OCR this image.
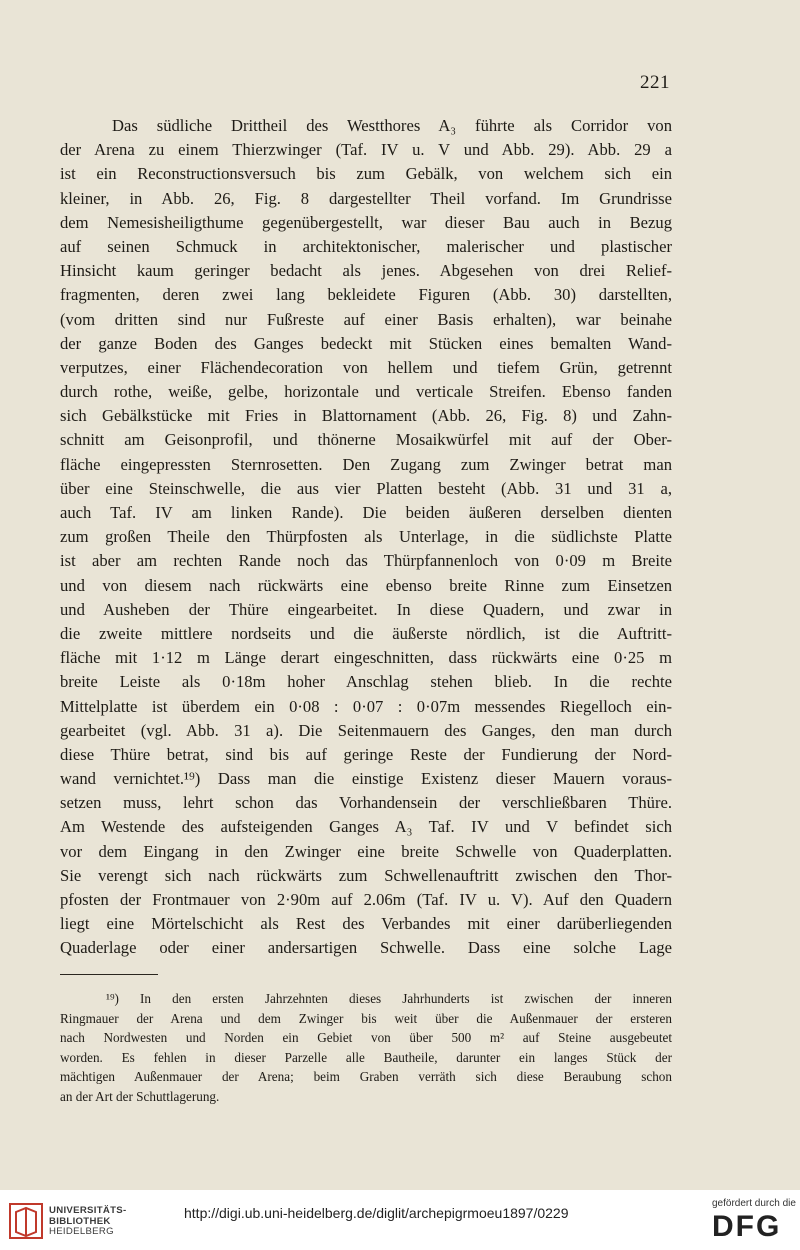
221
Das südliche Drittheil des Westthores A₃ führte als Corridor von
der Arena zu einem Thierzwinger (Taf. IV u. V und Abb. 29). Abb. 29 a
ist ein Reconstructionsversuch bis zum Gebälk, von welchem sich ein
kleiner, in Abb. 26, Fig. 8 dargestellter Theil vorfand. Im Grundrisse
dem Nemesisheiligthume gegenübergestellt, war dieser Bau auch in Bezug
auf seinen Schmuck in architektonischer, malerischer und plastischer
Hinsicht kaum geringer bedacht als jenes. Abgesehen von drei Relief-
fragmenten, deren zwei lang bekleidete Figuren (Abb. 30) darstellten,
(vom dritten sind nur Fußreste auf einer Basis erhalten), war beinahe
der ganze Boden des Ganges bedeckt mit Stücken eines bemalten Wand-
verputzes, einer Flächendecoration von hellem und tiefem Grün, getrennt
durch rothe, weiße, gelbe, horizontale und verticale Streifen. Ebenso fanden
sich Gebälkstücke mit Fries in Blattornament (Abb. 26, Fig. 8) und Zahn-
schnitt am Geisonprofil, und thönerne Mosaikwürfel mit auf der Ober-
fläche eingepressten Sternrosetten. Den Zugang zum Zwinger betrat man
über eine Steinschwelle, die aus vier Platten besteht (Abb. 31 und 31 a,
auch Taf. IV am linken Rande). Die beiden äußeren derselben dienten
zum großen Theile den Thürpfosten als Unterlage, in die südlichste Platte
ist aber am rechten Rande noch das Thürpfannenloch von 0·09 m Breite
und von diesem nach rückwärts eine ebenso breite Rinne zum Einsetzen
und Ausheben der Thüre eingearbeitet. In diese Quadern, und zwar in
die zweite mittlere nordseits und die äußerste nördlich, ist die Auftritt-
fläche mit 1·12 m Länge derart eingeschnitten, dass rückwärts eine 0·25 m
breite Leiste als 0·18m hoher Anschlag stehen blieb. In die rechte
Mittelplatte ist überdem ein 0·08 : 0·07 : 0·07m messendes Riegelloch ein-
gearbeitet (vgl. Abb. 31 a). Die Seitenmauern des Ganges, den man durch
diese Thüre betrat, sind bis auf geringe Reste der Fundierung der Nord-
wand vernichtet.¹⁹) Dass man die einstige Existenz dieser Mauern voraus-
setzen muss, lehrt schon das Vorhandensein der verschließbaren Thüre.
Am Westende des aufsteigenden Ganges A₃ Taf. IV und V befindet sich
vor dem Eingang in den Zwinger eine breite Schwelle von Quaderplatten.
Sie verengt sich nach rückwärts zum Schwellenauftritt zwischen den Thor-
pfosten der Frontmauer von 2·90m auf 2.06m (Taf. IV u. V). Auf den Quadern
liegt eine Mörtelschicht als Rest des Verbandes mit einer darüberliegenden
Quaderlage oder einer andersartigen Schwelle. Dass eine solche Lage
¹⁹) In den ersten Jahrzehnten dieses Jahrhunderts ist zwischen der inneren
Ringmauer der Arena und dem Zwinger bis weit über die Außenmauer der ersteren
nach Nordwesten und Norden ein Gebiet von über 500 m² auf Steine ausgebeutet
worden. Es fehlen in dieser Parzelle alle Bautheile, darunter ein langes Stück der
mächtigen Außenmauer der Arena; beim Graben verräth sich diese Beraubung schon
an der Art der Schuttlagerung.
UNIVERSITÄTS-
BIBLIOTHEK
HEIDELBERG
http://digi.ub.uni-heidelberg.de/diglit/archepigrmoeu1897/0229
gefördert durch die
DFG
